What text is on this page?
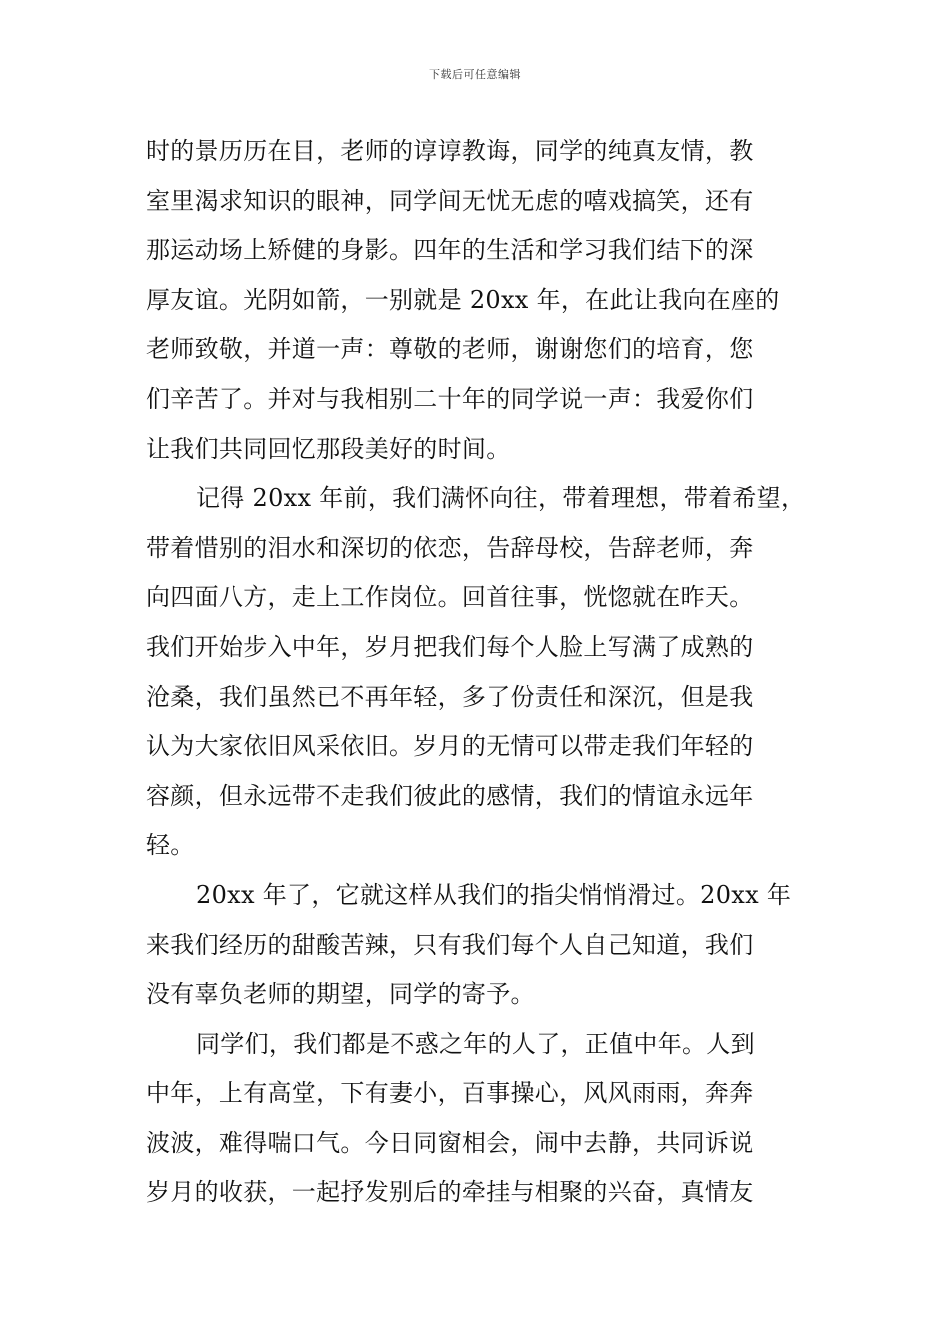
下载后可任意编辑
时的景历历在目，老师的谆谆教诲，同学的纯真友情，教
室里渴求知识的眼神，同学间无忧无虑的嘻戏搞笑，还有
那运动场上矫健的身影。四年的生活和学习我们结下的深
厚友谊。光阴如箭，一别就是 20xx 年，在此让我向在座的
老师致敬，并道一声：尊敬的老师，谢谢您们的培育，您
们辛苦了。并对与我相别二十年的同学说一声：我爱你们
让我们共同回忆那段美好的时间。
记得 20xx 年前，我们满怀向往，带着理想，带着希望，
带着惜别的泪水和深切的依恋，告辞母校，告辞老师，奔
向四面八方，走上工作岗位。回首往事，恍惚就在昨天。
我们开始步入中年，岁月把我们每个人脸上写满了成熟的
沧桑，我们虽然已不再年轻，多了份责任和深沉，但是我
认为大家依旧风采依旧。岁月的无情可以带走我们年轻的
容颜，但永远带不走我们彼此的感情，我们的情谊永远年
轻。
20xx 年了，它就这样从我们的指尖悄悄滑过。20xx 年
来我们经历的甜酸苦辣，只有我们每个人自己知道，我们
没有辜负老师的期望，同学的寄予。
同学们，我们都是不惑之年的人了，正值中年。人到
中年，上有高堂，下有妻小，百事操心，风风雨雨，奔奔
波波，难得喘口气。今日同窗相会，闹中去静，共同诉说
岁月的收获，一起抒发别后的牵挂与相聚的兴奋，真情友
